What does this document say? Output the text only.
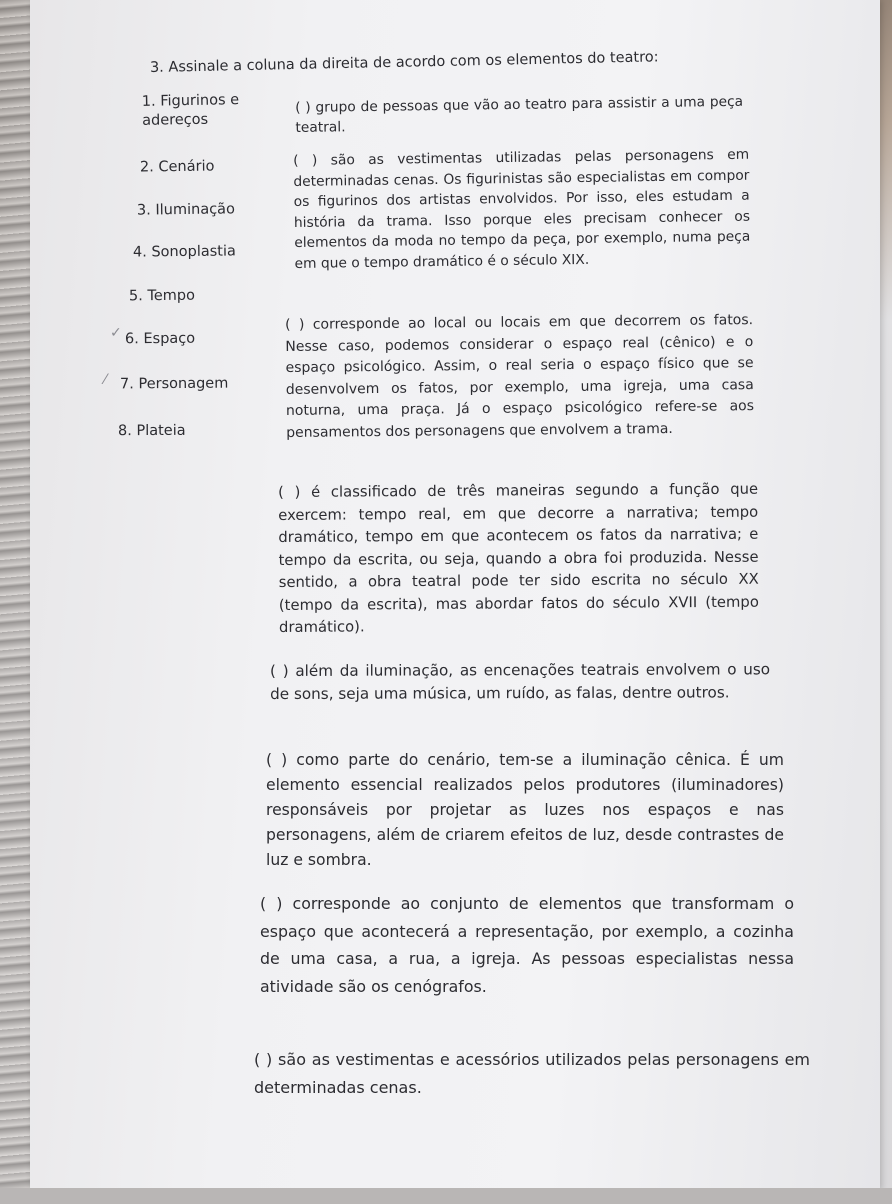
3. Assinale a coluna da direita de acordo com os elementos do teatro:
1. Figurinos e
adereços
2. Cenário
3. Iluminação
4. Sonoplastia
5. Tempo
✓ 6. Espaço
⁄ 7. Personagem
8. Plateia
( ) grupo de pessoas que vão ao teatro para assistir a uma peça teatral.
( ) são as vestimentas utilizadas pelas personagens em determinadas cenas. Os figurinistas são especialistas em compor os figurinos dos artistas envolvidos. Por isso, eles estudam a história da trama. Isso porque eles precisam conhecer os elementos da moda no tempo da peça, por exemplo, numa peça em que o tempo dramático é o século XIX.
( ) corresponde ao local ou locais em que decorrem os fatos. Nesse caso, podemos considerar o espaço real (cênico) e o espaço psicológico. Assim, o real seria o espaço físico que se desenvolvem os fatos, por exemplo, uma igreja, uma casa noturna, uma praça. Já o espaço psicológico refere-se aos pensamentos dos personagens que envolvem a trama.
( ) é classificado de três maneiras segundo a função que exercem: tempo real, em que decorre a narrativa; tempo dramático, tempo em que acontecem os fatos da narrativa; e tempo da escrita, ou seja, quando a obra foi produzida. Nesse sentido, a obra teatral pode ter sido escrita no século XX (tempo da escrita), mas abordar fatos do século XVII (tempo dramático).
( ) além da iluminação, as encenações teatrais envolvem o uso de sons, seja uma música, um ruído, as falas, dentre outros.
( ) como parte do cenário, tem-se a iluminação cênica. É um elemento essencial realizados pelos produtores (iluminadores) responsáveis por projetar as luzes nos espaços e nas personagens, além de criarem efeitos de luz, desde contrastes de luz e sombra.
( ) corresponde ao conjunto de elementos que transformam o espaço que acontecerá a representação, por exemplo, a cozinha de uma casa, a rua, a igreja. As pessoas especialistas nessa atividade são os cenógrafos.
( ) são as vestimentas e acessórios utilizados pelas personagens em determinadas cenas.
